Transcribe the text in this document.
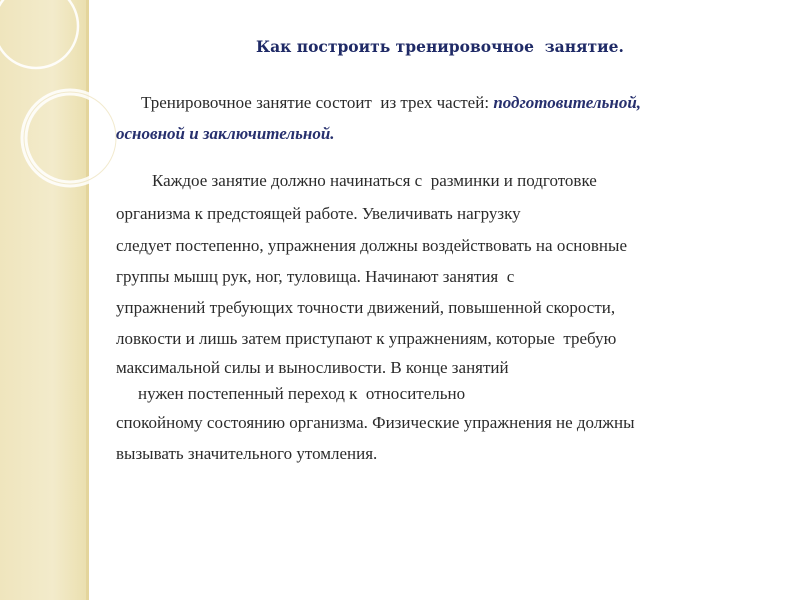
Как построить тренировочное  занятие.

Тренировочное занятие состоит  из трех частей: подготовительной,

основной и заключительной.

Каждое занятие должно начинаться с  разминки и подготовке

организма к предстоящей работе. Увеличивать нагрузку

следует постепенно, упражнения должны воздействовать на основные

группы мышц рук, ног, туловища. Начинают занятия  с

упражнений требующих точности движений, повышенной скорости,

ловкости и лишь затем приступают к упражнениям, которые  требую

максимальной силы и выносливости. В конце занятий

нужен постепенный переход к  относительно

спокойному состоянию организма. Физические упражнения не должны

вызывать значительного утомления.
